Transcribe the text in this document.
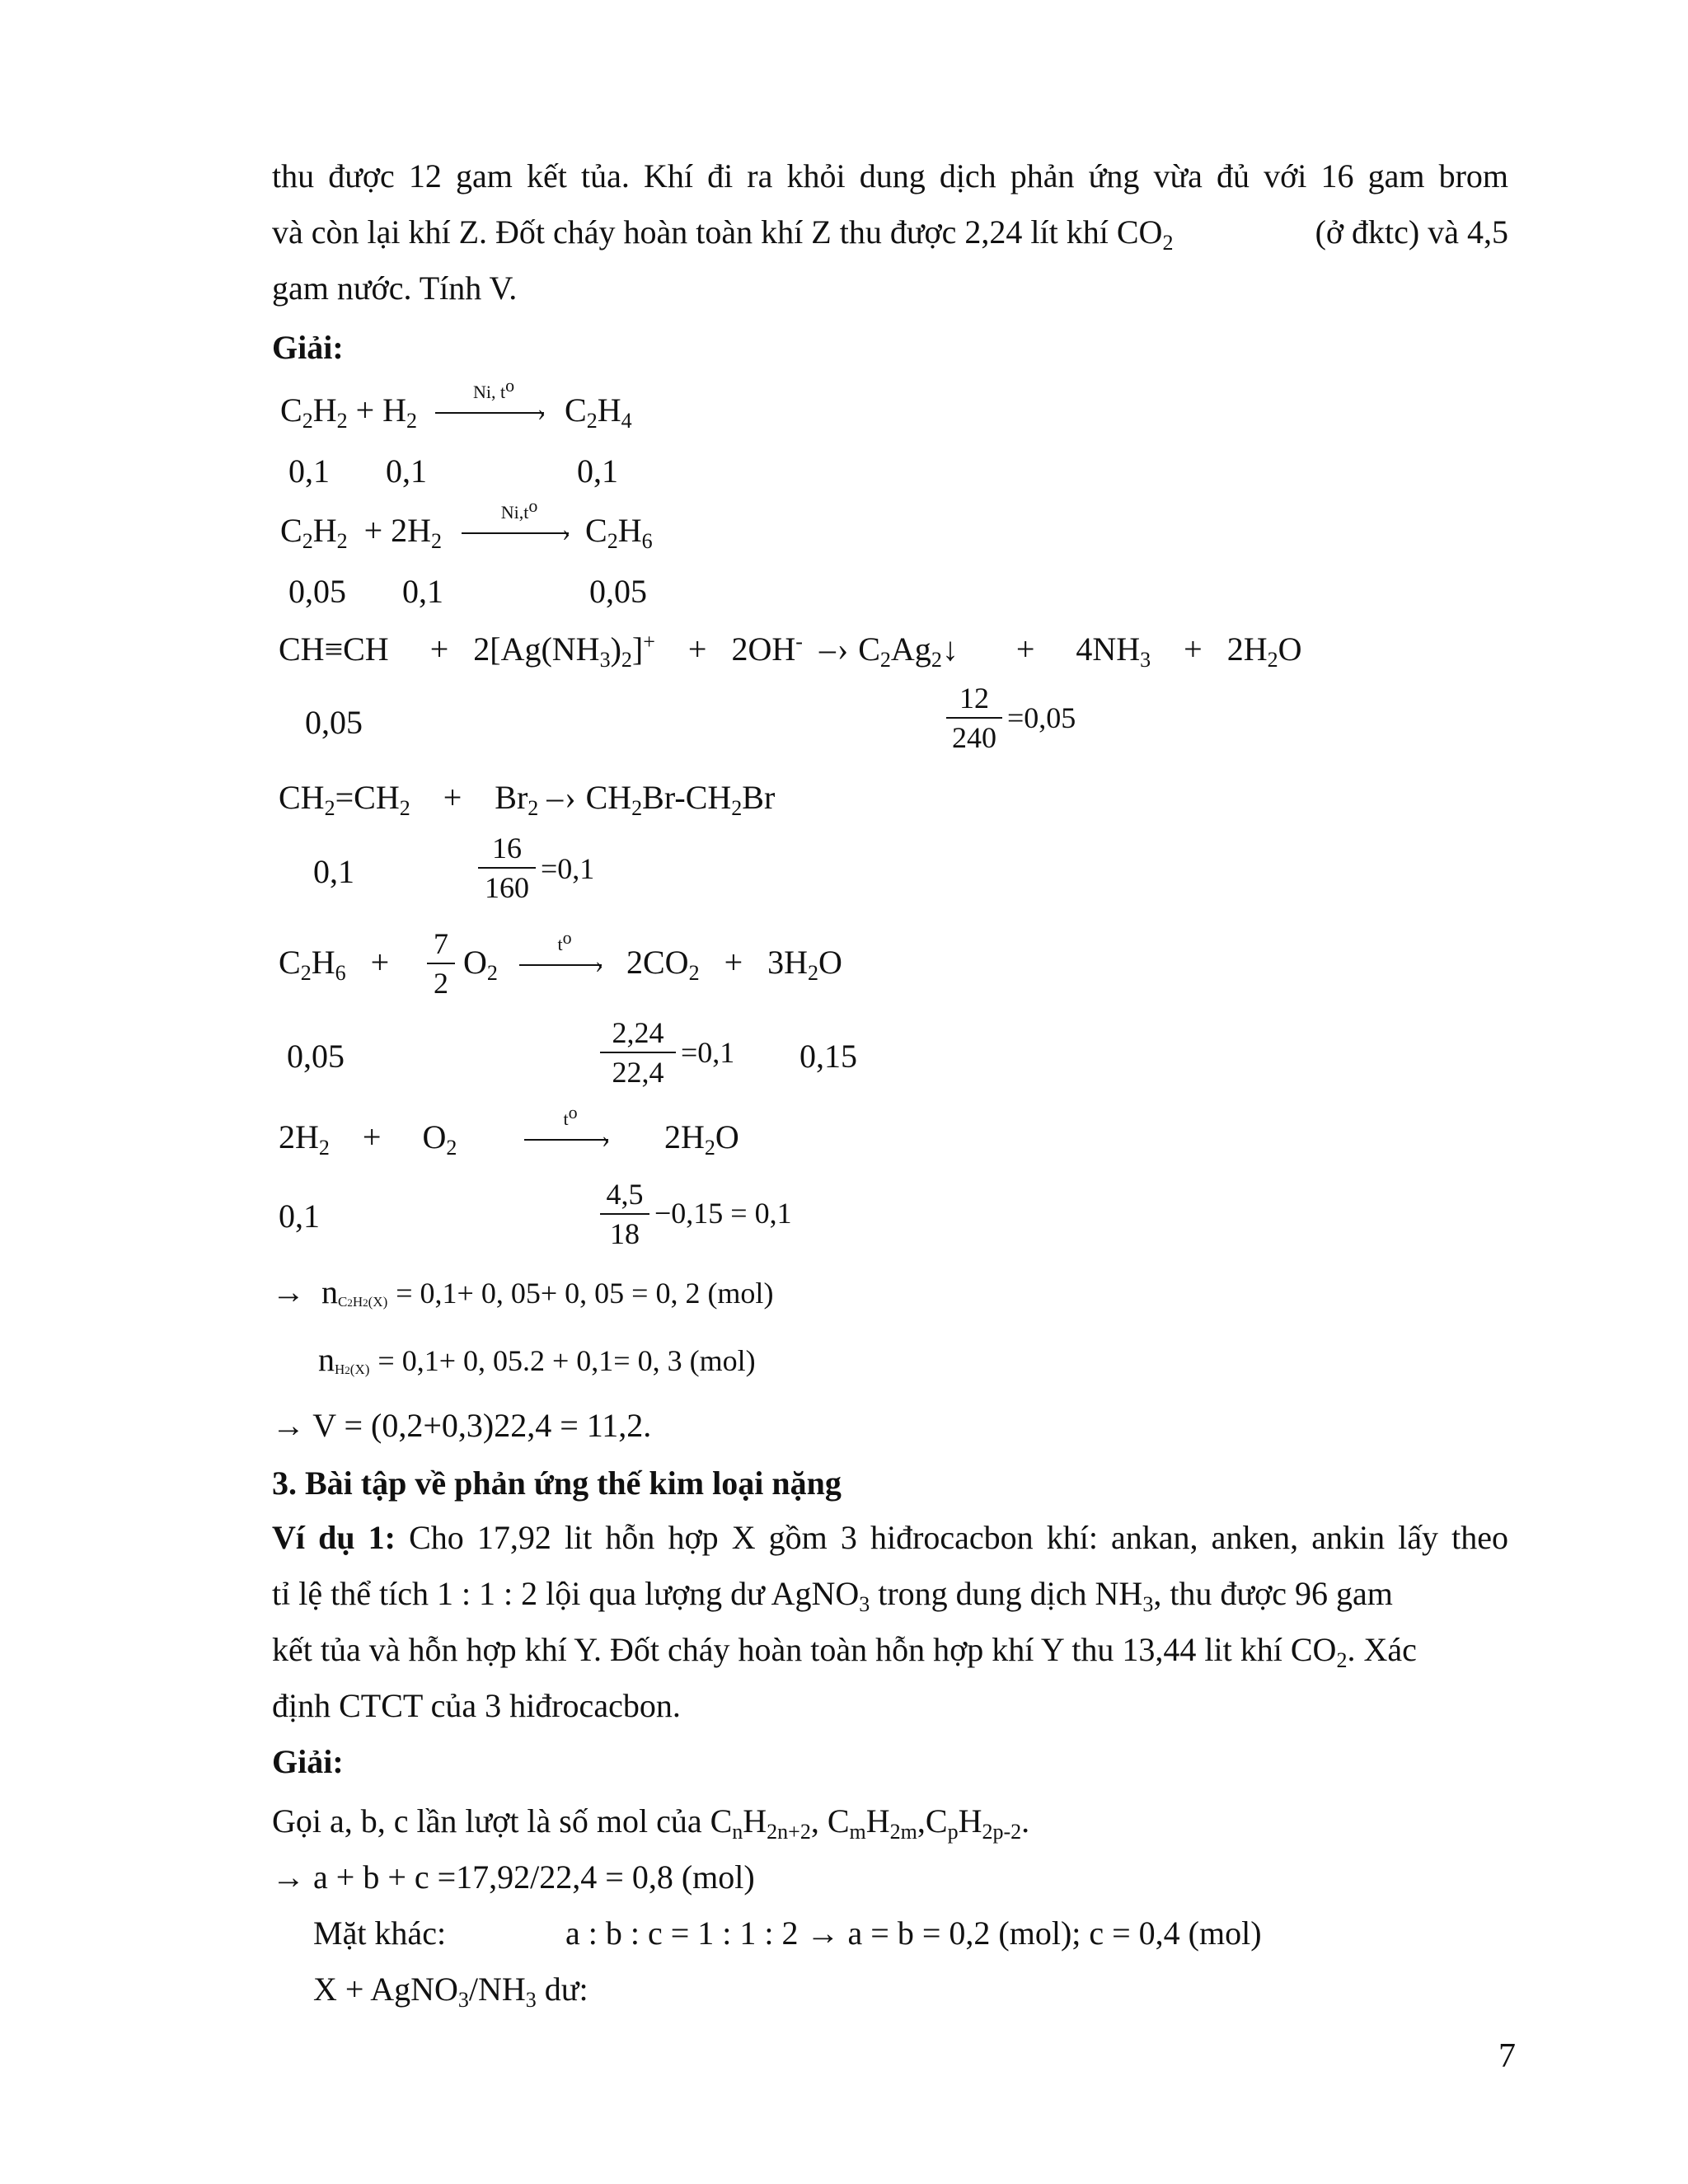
thu được 12 gam kết tủa. Khí đi ra khỏi dung dịch phản ứng vừa đủ với 16 gam brom
và còn lại khí Z. Đốt cháy hoàn toàn khí Z thu được 2,24 lít khí $CO_2$	(ở đktc) và 4,5
gam nước. Tính V.
Giải:
$C_2H_2 + H_2$
Ni, to
› $C_2H_4$
0,1 0,1	0,1
$C_2H_2 + 2H_2$
Ni,to
› $C_2H_6$
0,05 0,1	0,05
CH≡CH     +   $2[Ag(NH_3)_2]^+$    +   2OH- –› $C_2Ag_2↓$       +     $4NH_3$    +   $2H_2O$
0,05
12
240
=0,05
$CH_2=CH_2$    +    $Br_2$ –› $CH_2Br-CH_2Br$
0,1
16
160
=0,1
$C_2H_6 + 7$
2
$O_2$
to
› $2CO_2 + 3H_2O$
0,05
2,24
22,4
=0,1 0,15
$2H_2$    +     $O_2$
to
› $2H_2O$
0,1
4,5
18
−0,15 = 0,1
→  nC2H2(X) = 0,1+ 0, 05+ 0, 05 = 0, 2 (mol)
nH2(X) = 0,1+ 0, 05.2 + 0,1= 0, 3 (mol)
→ V = (0,2+0,3)22,4 = 11,2.
3. Bài tập về phản ứng thế kim loại nặng
Ví dụ 1: Cho 17,92 lit hỗn hợp X gồm 3 hiđrocacbon khí: ankan, anken, ankin lấy theo
tỉ lệ thể tích 1 : 1 : 2 lội qua lượng dư AgNO$_3$ trong dung dịch $NH_3$, thu được 96 gam
kết tủa và hỗn hợp khí Y. Đốt cháy hoàn toàn hỗn hợp khí Y thu 13,44 lit khí $CO_2$. Xác
định CTCT của 3 hiđrocacbon.
Giải:
Gọi a, b, c lần lượt là số mol của $C_nH_{2n+2}$, $C_mH_{2m},C_pH_{2p-2}$.
→ a + b + c =17,92/22,4 = 0,8 (mol)
Mặt khác:	a : b : c = 1 : 1 : 2 → a = b = 0,2 (mol); c = 0,4 (mol)
$X + AgNO_3/NH_3$ dư:
7
